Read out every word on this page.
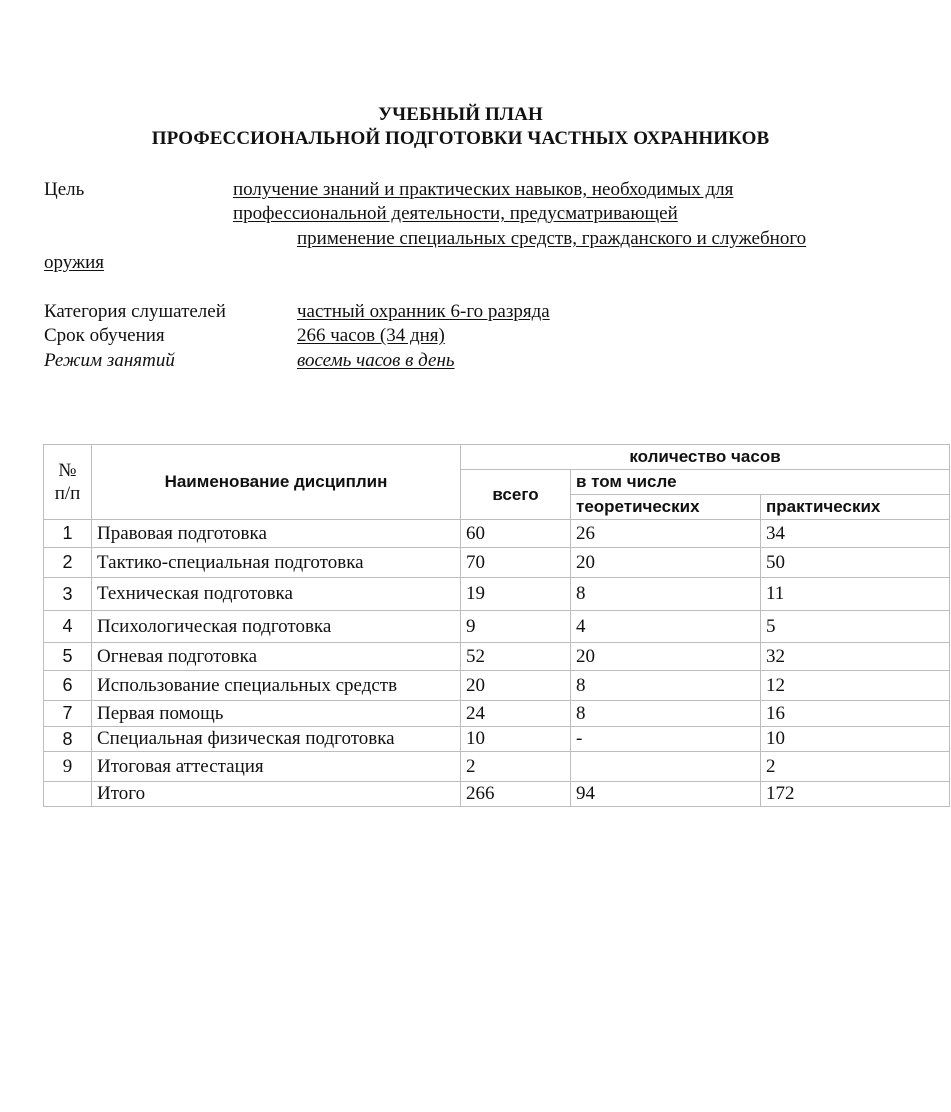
УЧЕБНЫЙ ПЛАН
ПРОФЕССИОНАЛЬНОЙ ПОДГОТОВКИ ЧАСТНЫХ ОХРАННИКОВ
Цель	получение знаний и практических навыков, необходимых для
профессиональной деятельности, предусматривающей
применение специальных средств, гражданского и служебного
оружия
Категория слушателей	частный охранник 6-го разряда
Срок обучения	266 часов (34 дня)
Режим занятий	восемь часов в день
№
п/п	Наименование дисциплин	количество часов		
		всего	в том числе	
			теоретических	практических
1	Правовая подготовка	60	26	34
2	Тактико-специальная подготовка	70	20	50
3	Техническая подготовка	19	8	11
4	Психологическая подготовка	9	4	5
5	Огневая подготовка	52	20	32
6	Использование специальных средств	20	8	12
7	Первая помощь	24	8	16
8	Специальная физическая подготовка	10	-	10
9	Итоговая аттестация	2		2
	Итого	266	94	172
